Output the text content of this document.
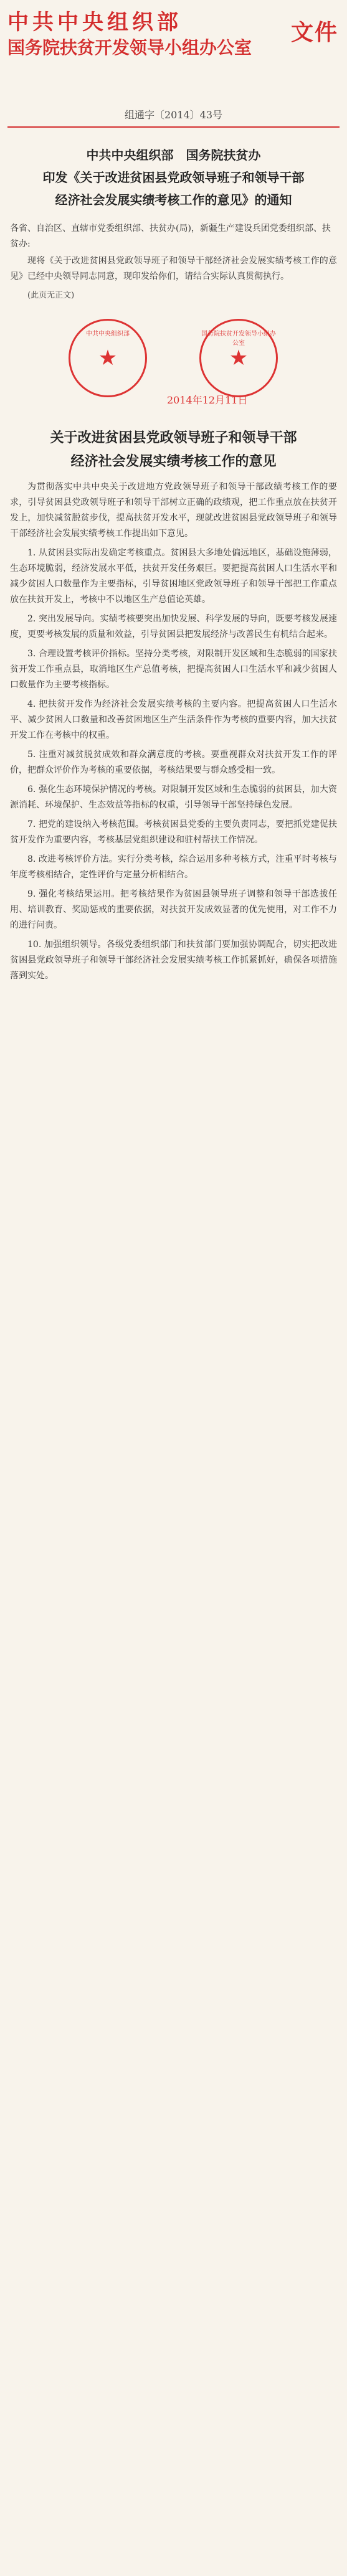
中共中央组织部
国务院扶贫开发领导小组办公室
文件
组通字〔2014〕43号
中共中央组织部　国务院扶贫办
印发《关于改进贫困县党政领导班子和领导干部
经济社会发展实绩考核工作的意见》的通知
各省、自治区、直辖市党委组织部、扶贫办(局)，新疆生产建设兵团党委组织部、扶贫办:
现将《关于改进贫困县党政领导班子和领导干部经济社会发展实绩考核工作的意见》已经中央领导同志同意，现印发给你们，请结合实际认真贯彻执行。
(此页无正文)
中共中央组织部
★
国务院扶贫开发领导小组办公室
★
2014年12月11日
关于改进贫困县党政领导班子和领导干部
经济社会发展实绩考核工作的意见
为贯彻落实中共中央关于改进地方党政领导班子和领导干部政绩考核工作的要求，引导贫困县党政领导班子和领导干部树立正确的政绩观，把工作重点放在扶贫开发上，加快减贫脱贫步伐，提高扶贫开发水平，现就改进贫困县党政领导班子和领导干部经济社会发展实绩考核工作提出如下意见。
1. 从贫困县实际出发确定考核重点。贫困县大多地处偏远地区，基础设施薄弱，生态环境脆弱，经济发展水平低，扶贫开发任务艰巨。要把提高贫困人口生活水平和减少贫困人口数量作为主要指标，引导贫困地区党政领导班子和领导干部把工作重点放在扶贫开发上，考核中不以地区生产总值论英雄。
2. 突出发展导向。实绩考核要突出加快发展、科学发展的导向，既要考核发展速度，更要考核发展的质量和效益，引导贫困县把发展经济与改善民生有机结合起来。
3. 合理设置考核评价指标。坚持分类考核，对限制开发区域和生态脆弱的国家扶贫开发工作重点县，取消地区生产总值考核，把提高贫困人口生活水平和减少贫困人口数量作为主要考核指标。
4. 把扶贫开发作为经济社会发展实绩考核的主要内容。把提高贫困人口生活水平、减少贫困人口数量和改善贫困地区生产生活条件作为考核的重要内容，加大扶贫开发工作在考核中的权重。
5. 注重对减贫脱贫成效和群众满意度的考核。要重视群众对扶贫开发工作的评价，把群众评价作为考核的重要依据，考核结果要与群众感受相一致。
6. 强化生态环境保护情况的考核。对限制开发区域和生态脆弱的贫困县，加大资源消耗、环境保护、生态效益等指标的权重，引导领导干部坚持绿色发展。
7. 把党的建设纳入考核范围。考核贫困县党委的主要负责同志，要把抓党建促扶贫开发作为重要内容，考核基层党组织建设和驻村帮扶工作情况。
8. 改进考核评价方法。实行分类考核，综合运用多种考核方式，注重平时考核与年度考核相结合，定性评价与定量分析相结合。
9. 强化考核结果运用。把考核结果作为贫困县领导班子调整和领导干部选拔任用、培训教育、奖励惩戒的重要依据，对扶贫开发成效显著的优先使用，对工作不力的进行问责。
10. 加强组织领导。各级党委组织部门和扶贫部门要加强协调配合，切实把改进贫困县党政领导班子和领导干部经济社会发展实绩考核工作抓紧抓好，确保各项措施落到实处。
